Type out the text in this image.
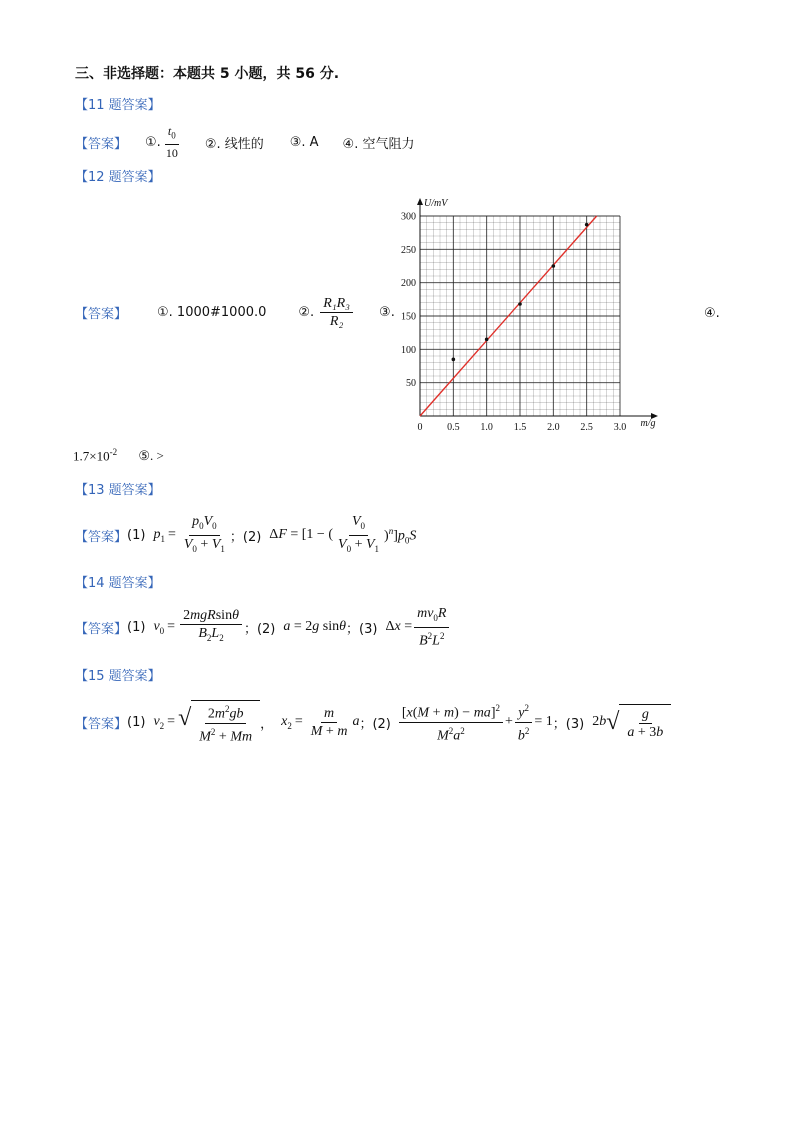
三、非选择题：本题共 5 小题，共 56 分.
【11 题答案】
【答案】 ①. $\frac{t_0}{10}$ ②. 线性的 ③. A ④. 空气阻力
【12 题答案】
【答案】 ①. 1000#1000.0 ②. $\frac{\text{R₁R₃}}{\text{R₂}}$ ③.	④.
0 0.5 1.0 1.5 2.0 2.5 3.0
50
100
150
200
250
300
m/g
U/mV
$1.7\times 10^{-2}$ ⑤. >
【13 题答案】
【答案】 (1) $p_1 = \frac{p_0V_0}{V_0 + V_1}$ ；(2) ΔF = [1 − ( $\frac{V_0}{V_0 + V_1} )^n]p_0S$
【14 题答案】
【答案】 (1) $v_0 = \frac{\text{2mgRsinθ}}{B_2L_2}$ ；(2) a = 2g sinθ ；(3) $\Delta x = \frac{mv_0R}{B^2L^2}$
【15 题答案】
【答案】 (1) $v_2$ = √ $\frac{2m^2gb}{M^2 + Mm}$ ， $x_2 = \frac{m}{M + m}$ a ；$(2) \frac{[x(M + m) - ma]^2}{M^2a^2} + \frac{y^2}{b^2} = 1$ ；(3) 2b √ $\frac{g}{a + 3b}$
